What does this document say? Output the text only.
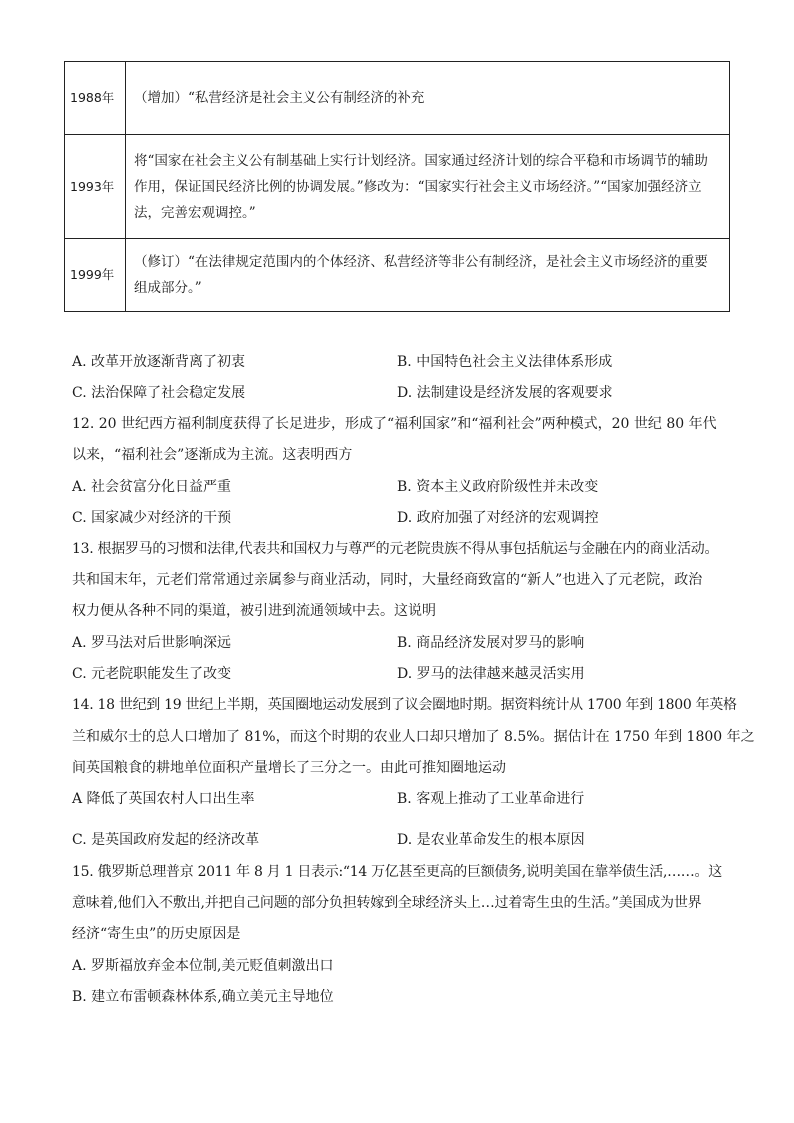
1988年	（增加）“私营经济是社会主义公有制经济的补充
1993年	将“国家在社会主义公有制基础上实行计划经济。国家通过经济计划的综合平稳和市场调节的辅助作用，保证国民经济比例的协调发展。”修改为：“国家实行社会主义市场经济。”“国家加强经济立法，完善宏观调控。”
1999年	（修订）“在法律规定范围内的个体经济、私营经济等非公有制经济，是社会主义市场经济的重要组成部分。”
A. 改革开放逐渐背离了初衷	B. 中国特色社会主义法律体系形成
C. 法治保障了社会稳定发展	D. 法制建设是经济发展的客观要求
12. 20 世纪西方福利制度获得了长足进步，形成了“福利国家”和“福利社会”两种模式，20 世纪 80 年代
以来，“福利社会”逐渐成为主流。这表明西方
A. 社会贫富分化日益严重	B. 资本主义政府阶级性并未改变
C. 国家减少对经济的干预	D. 政府加强了对经济的宏观调控
13. 根据罗马的习惯和法律,代表共和国权力与尊严的元老院贵族不得从事包括航运与金融在内的商业活动。
共和国末年，元老们常常通过亲属参与商业活动，同时，大量经商致富的“新人”也进入了元老院，政治
权力便从各种不同的渠道，被引进到流通领域中去。这说明
A. 罗马法对后世影响深远	B. 商品经济发展对罗马的影响
C. 元老院职能发生了改变	D. 罗马的法律越来越灵活实用
14. 18 世纪到 19 世纪上半期，英国圈地运动发展到了议会圈地时期。据资料统计从 1700 年到 1800 年英格
兰和威尔士的总人口增加了 81%，而这个时期的农业人口却只增加了 8.5%。据估计在 1750 年到 1800 年之
间英国粮食的耕地单位面积产量增长了三分之一。由此可推知圈地运动
A 降低了英国农村人口出生率	B. 客观上推动了工业革命进行
C. 是英国政府发起的经济改革	D. 是农业革命发生的根本原因
15. 俄罗斯总理普京 2011 年 8 月 1 日表示:“14 万亿甚至更高的巨额债务,说明美国在靠举债生活,……。这
意味着,他们入不敷出,并把自己问题的部分负担转嫁到全球经济头上…过着寄生虫的生活。”美国成为世界
经济“寄生虫”的历史原因是
A. 罗斯福放弃金本位制,美元贬值刺激出口
B. 建立布雷顿森林体系,确立美元主导地位
